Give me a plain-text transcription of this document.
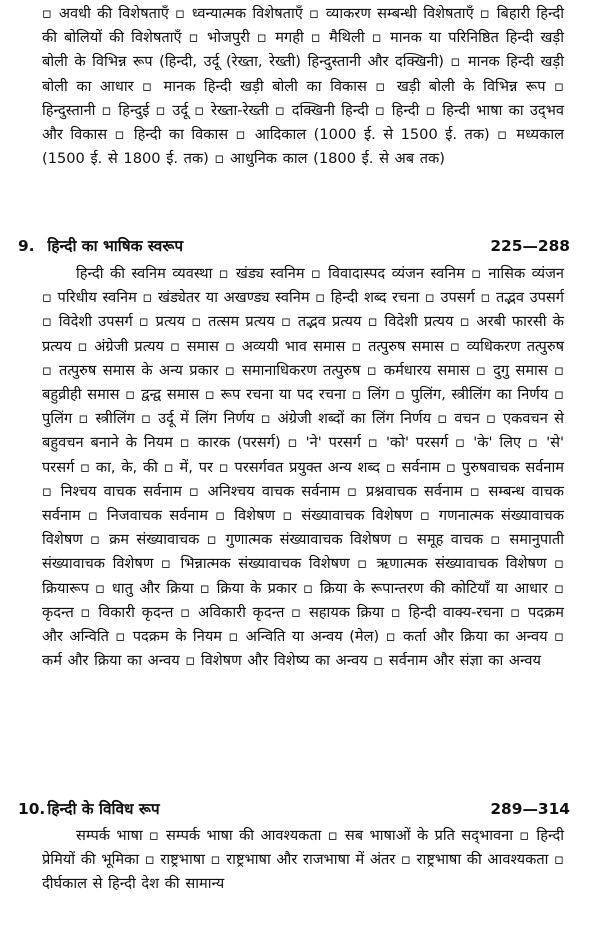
▫ अवधी की विशेषताएँ ▫ ध्वन्यात्मक विशेषताएँ ▫ व्याकरण सम्बन्धी विशेषताएँ ▫ बिहारी हिन्दी की बोलियों की विशेषताएँ ▫ भोजपुरी ▫ मगही ▫ मैथिली ▫ मानक या परिनिष्ठित हिन्दी खड़ी बोली के विभिन्न रूप (हिन्दी, उर्दू (रेख्ता, रेख्ती) हिन्दुस्तानी और दक्खिनी) ▫ मानक हिन्दी खड़ी बोली का आधार ▫ मानक हिन्दी खड़ी बोली का विकास ▫ खड़ी बोली के विभिन्न रूप ▫ हिन्दुस्तानी ▫ हिन्दुई ▫ उर्दू ▫ रेख्ता-रेख्ती ▫ दक्खिनी हिन्दी ▫ हिन्दी ▫ हिन्दी भाषा का उद्‌भव और विकास ▫ हिन्दी का विकास ▫ आदिकाल (1000 ई. से 1500 ई. तक) ▫ मध्यकाल (1500 ई. से 1800 ई. तक) ▫ आधुनिक काल (1800 ई. से अब तक)

9. हिन्दी का भाषिक स्वरूप	225—288

हिन्दी की स्वनिम व्यवस्था ▫ खंड्य स्वनिम ▫ विवादास्पद व्यंजन स्वनिम ▫ नासिक व्यंजन ▫ परिधीय स्वनिम ▫ खंड्येतर या अखण्ड्य स्वनिम ▫ हिन्दी शब्द रचना ▫ उपसर्ग ▫ तद्भव उपसर्ग ▫ विदेशी उपसर्ग ▫ प्रत्यय ▫ तत्सम प्रत्यय ▫ तद्भव प्रत्यय ▫ विदेशी प्रत्यय ▫ अरबी फारसी के प्रत्यय ▫ अंग्रेजी प्रत्यय ▫ समास ▫ अव्ययी भाव समास ▫ तत्पुरुष समास ▫ व्यधिकरण तत्पुरुष ▫ तत्पुरुष समास के अन्य प्रकार ▫ समानाधिकरण तत्पुरुष ▫ कर्मधारय समास ▫ दुगु समास ▫ बहुव्रीही समास ▫ द्वन्द्व समास ▫ रूप रचना या पद रचना ▫ लिंग ▫ पुलिंग, स्त्रीलिंग का निर्णय ▫ पुलिंग ▫ स्त्रीलिंग ▫ उर्दू में लिंग निर्णय ▫ अंग्रेजी शब्दों का लिंग निर्णय ▫ वचन ▫ एकवचन से बहुवचन बनाने के नियम ▫ कारक (परसर्ग) ▫ 'ने' परसर्ग ▫ 'को' परसर्ग ▫ 'के' लिए ▫ 'से' परसर्ग ▫ का, के, की ▫ में, पर ▫ परसर्गवत प्रयुक्त अन्य शब्द ▫ सर्वनाम ▫ पुरुषवाचक सर्वनाम ▫ निश्चय वाचक सर्वनाम ▫ अनिश्चय वाचक सर्वनाम ▫ प्रश्नवाचक सर्वनाम ▫ सम्बन्ध वाचक सर्वनाम ▫ निजवाचक सर्वनाम ▫ विशेषण ▫ संख्यावाचक विशेषण ▫ गणनात्मक संख्यावाचक विशेषण ▫ क्रम संख्यावाचक ▫ गुणात्मक संख्यावाचक विशेषण ▫ समूह वाचक ▫ समानुपाती संख्यावाचक विशेषण ▫ भिन्नात्मक संख्यावाचक विशेषण ▫ ऋणात्मक संख्यावाचक विशेषण ▫ क्रियारूप ▫ धातु और क्रिया ▫ क्रिया के प्रकार ▫ क्रिया के रूपान्तरण की कोटियाँ या आधार ▫ कृदन्त ▫ विकारी कृदन्त ▫ अविकारी कृदन्त ▫ सहायक क्रिया ▫ हिन्दी वाक्य-रचना ▫ पदक्रम और अन्विति ▫ पदक्रम के नियम ▫ अन्विति या अन्वय (मेल) ▫ कर्ता और क्रिया का अन्वय ▫ कर्म और क्रिया का अन्वय ▫ विशेषण और विशेष्य का अन्वय ▫ सर्वनाम और संज्ञा का अन्वय

10. हिन्दी के विविध रूप	289—314

सम्पर्क भाषा ▫ सम्पर्क भाषा की आवश्यकता ▫ सब भाषाओं के प्रति सद्‌भावना ▫ हिन्दी प्रेमियों की भूमिका ▫ राष्ट्रभाषा ▫ राष्ट्रभाषा और राजभाषा में अंतर ▫ राष्ट्रभाषा की आवश्यकता ▫ दीर्घकाल से हिन्दी देश की सामान्य
